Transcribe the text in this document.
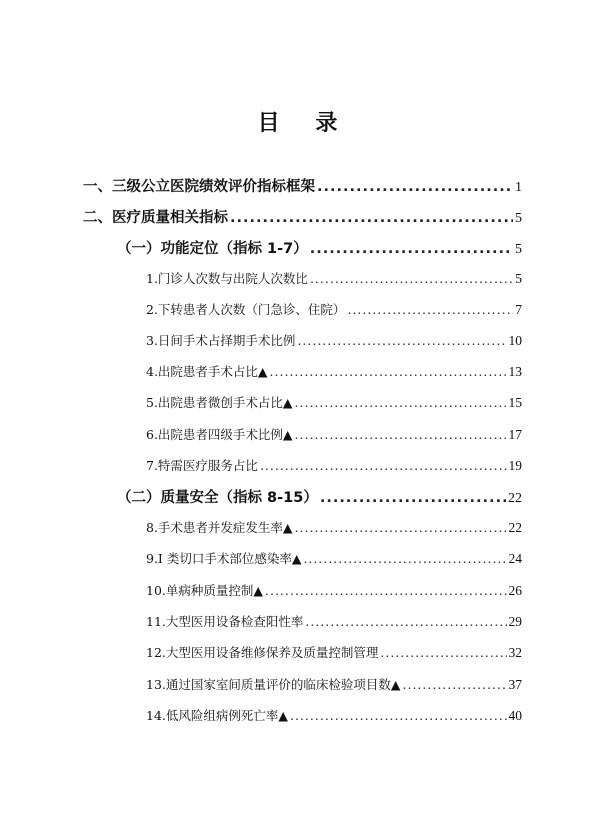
目 录
一、三级公立医院绩效评价指标框架 .....	1
二、医疗质量相关指标 .....	5
（一）功能定位（指标 1-7） .....	5
1.门诊人次数与出院人次数比 .....	5
2.下转患者人次数（门急诊、住院） .....	7
3.日间手术占择期手术比例 .....	10
4.出院患者手术占比▲ .....	13
5.出院患者微创手术占比▲ .....	15
6.出院患者四级手术比例▲ .....	17
7.特需医疗服务占比 .....	19
（二）质量安全（指标 8-15） .....	22
8.手术患者并发症发生率▲ .....	22
9.I 类切口手术部位感染率▲ .....	24
10.单病种质量控制▲ .....	26
11.大型医用设备检查阳性率 .....	29
12.大型医用设备维修保养及质量控制管理 .....	32
13.通过国家室间质量评价的临床检验项目数▲ .....	37
14.低风险组病例死亡率▲ .....	40
